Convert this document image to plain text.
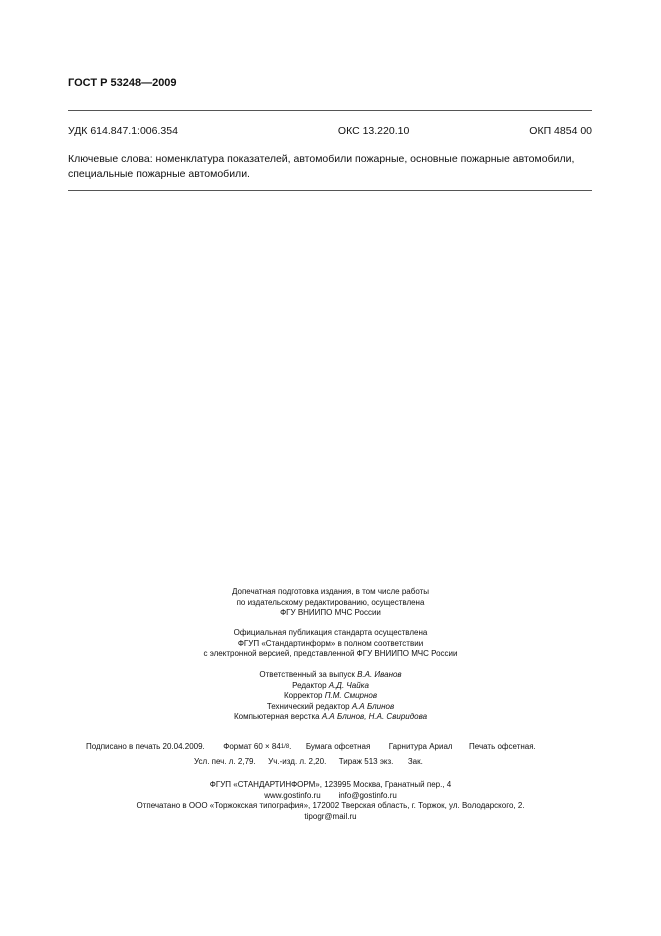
ГОСТ Р 53248—2009
УДК 614.847.1:006.354	ОКС 13.220.10	ОКП 4854 00
Ключевые слова: номенклатура показателей, автомобили пожарные, основные пожарные автомобили, специальные пожарные автомобили.
Допечатная подготовка издания, в том числе работы
по издательскому редактированию, осуществлена
ФГУ ВНИИПО МЧС России
Официальная публикация стандарта осуществлена
ФГУП «Стандартинформ» в полном соответствии
с электронной версией, представленной ФГУ ВНИИПО МЧС России
Ответственный за выпуск В.А. Иванов
Редактор А.Д. Чайка
Корректор П.М. Смирнов
Технический редактор А.А Блинов
Компьютерная верстка А.А Блинов, Н.А. Свиридова
Подписано в печать 20.04.2009. Формат 60 × 841/8.  Бумага офсетная Гарнитура Ариал Печать офсетная.
Усл. печ. л. 2,79. Уч.-изд. л. 2,20. Тираж 513 экз. Зак.
ФГУП «СТАНДАРТИНФОРМ», 123995 Москва, Гранатный пер., 4
www.gostinfo.ru        info@gostinfo.ru
Отпечатано в ООО «Торжокская типография», 172002 Тверская область, г. Торжок, ул. Володарского, 2.
tipogr@mail.ru
